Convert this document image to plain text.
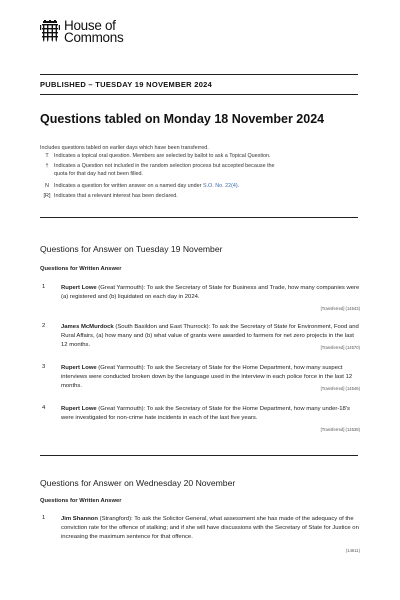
House of
Commons
PUBLISHED – TUESDAY 19 NOVEMBER 2024
Questions tabled on Monday 18 November 2024
Includes questions tabled on earlier days which have been transferred.
T Indicates a topical oral question. Members are selected by ballot to ask a Topical Question.
†	Indicates a Question not included in the random selection process but accepted because the quota for that day had not been filled.
N Indicates a question for written answer on a named day under S.O. No. 22(4).
[R] Indicates that a relevant interest has been declared.
Questions for Answer on Tuesday 19 November
Questions for Written Answer
1	Rupert Lowe (Great Yarmouth): To ask the Secretary of State for Business and Trade, how many companies were (a) registered and (b) liquidated on each day in 2024.
[Transferred] (14543)
2	James McMurdock (South Basildon and East Thurrock): To ask the Secretary of State for Environment, Food and Rural Affairs, (a) how many and (b) what value of grants were awarded to farmers for net zero projects in the last 12 months.	[Transferred] (14570)
3	Rupert Lowe (Great Yarmouth): To ask the Secretary of State for the Home Department, how many suspect interviews were conducted broken down by the language used in the interview in each police force in the last 12 months.	[Transferred] (14546)
4	Rupert Lowe (Great Yarmouth): To ask the Secretary of State for the Home Department, how many under-18's were investigated for non-crime hate incidents in each of the last five years.
[Transferred] (14538)
Questions for Answer on Wednesday 20 November
Questions for Written Answer
1	Jim Shannon (Strangford): To ask the Solicitor General, what assessment she has made of the adequacy of the conviction rate for the offence of stalking; and if she will have discussions with the Secretary of State for Justice on increasing the maximum sentence for that offence.
(14611)
